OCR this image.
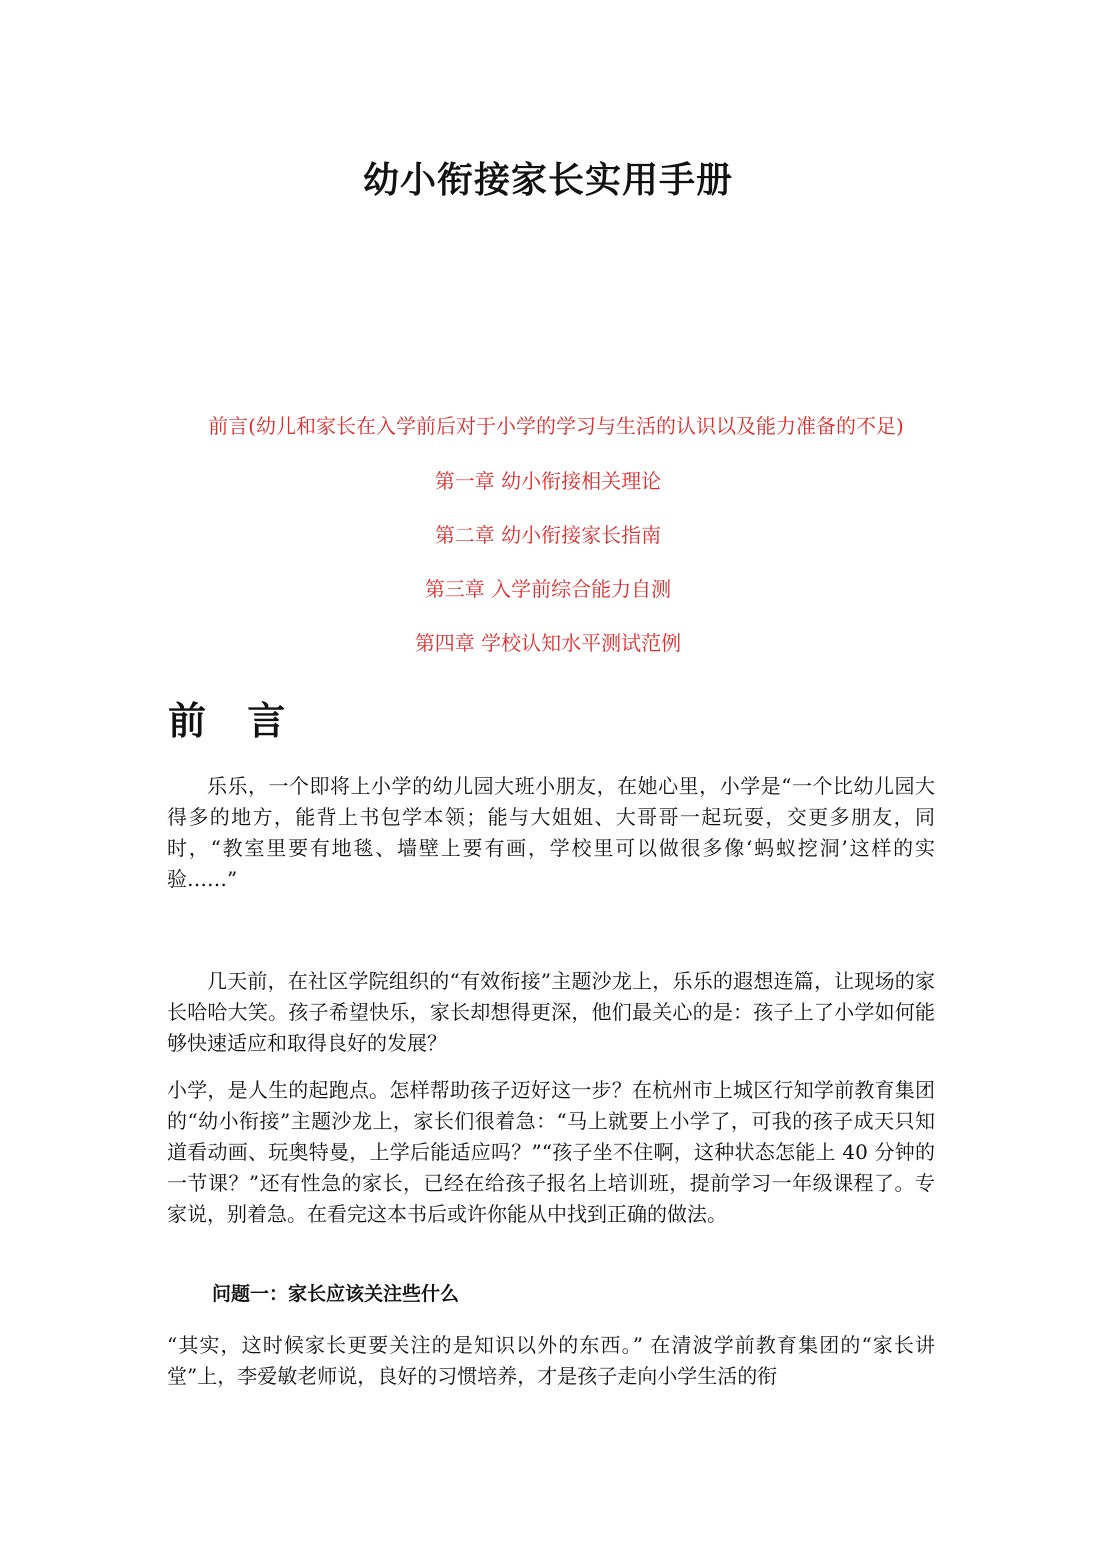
幼小衔接家长实用手册
前言(幼儿和家长在入学前后对于小学的学习与生活的认识以及能力准备的不足)
第一章 幼小衔接相关理论
第二章 幼小衔接家长指南
第三章 入学前综合能力自测
第四章 学校认知水平测试范例
前 言

乐乐，一个即将上小学的幼儿园大班小朋友，在她心里，小学是“一个比幼儿园大得多的地方，能背上书包学本领；能与大姐姐、大哥哥一起玩耍，交更多朋友，同时，“教室里要有地毯、墙壁上要有画，学校里可以做很多像‘蚂蚁挖洞’这样的实验……”

几天前，在社区学院组织的“有效衔接”主题沙龙上，乐乐的遐想连篇，让现场的家长哈哈大笑。孩子希望快乐，家长却想得更深，他们最关心的是：孩子上了小学如何能够快速适应和取得良好的发展？

小学，是人生的起跑点。怎样帮助孩子迈好这一步？在杭州市上城区行知学前教育集团的“幼小衔接”主题沙龙上，家长们很着急：“马上就要上小学了，可我的孩子成天只知道看动画、玩奥特曼，上学后能适应吗？”“孩子坐不住啊，这种状态怎能上 40 分钟的一节课？”还有性急的家长，已经在给孩子报名上培训班，提前学习一年级课程了。专家说，别着急。在看完这本书后或许你能从中找到正确的做法。

问题一：家长应该关注些什么

“其实，这时候家长更要关注的是知识以外的东西。” 在清波学前教育集团的“家长讲堂”上，李爱敏老师说，良好的习惯培养，才是孩子走向小学生活的衔
